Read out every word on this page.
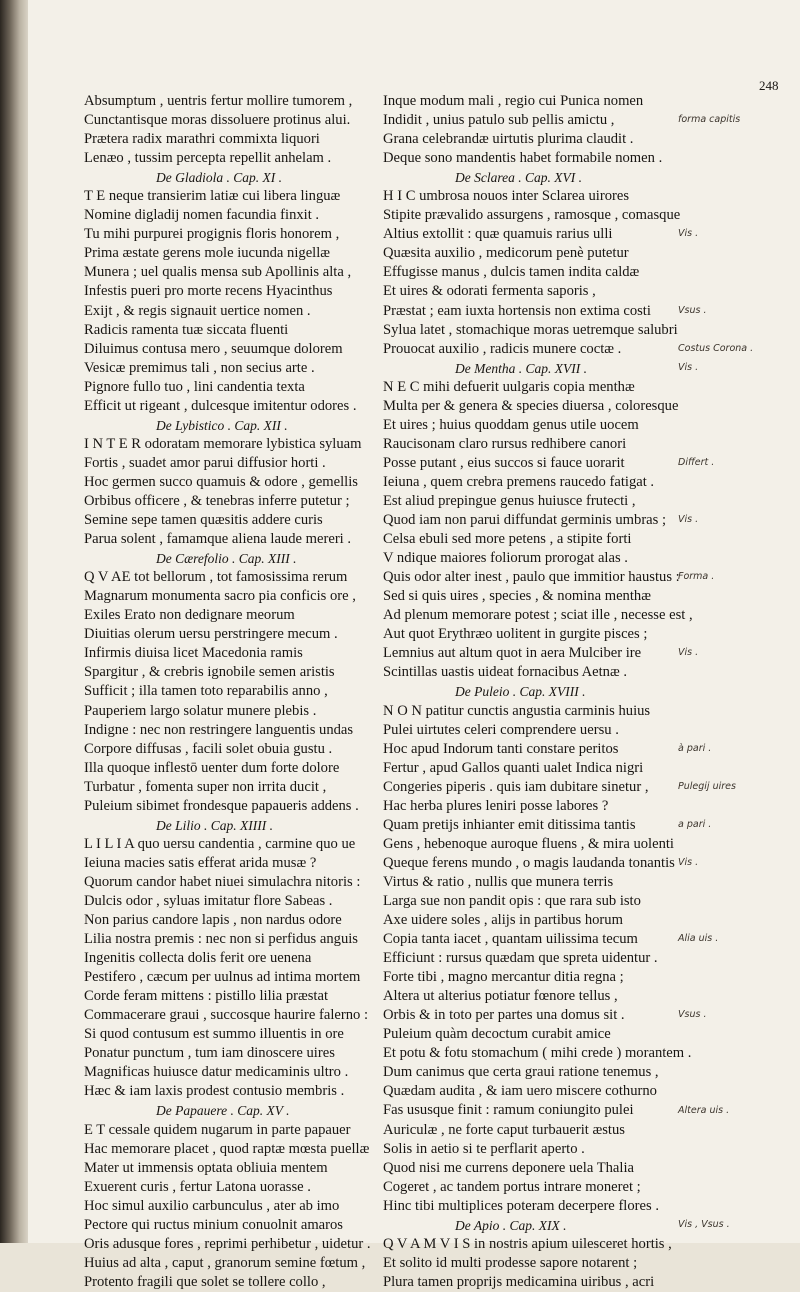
248
Absumptum , uentris fertur mollire tumorem ,
Cunctantisque moras dissoluere protinus alui.
Prætera radix marathri commixta liquori
Lenæo , tussim percepta repellit anhelam .
De Gladiola . Cap. XI .
T E neque transierim latiæ cui libera linguæ
Nomine digladij nomen facundia finxit .
Tu mihi purpurei progignis floris honorem ,
Prima æstate gerens mole iucunda nigellæ
Munera ; uel qualis mensa sub Apollinis alta ,
Infestis pueri pro morte recens Hyacinthus
Exijt , & regis signauit uertice nomen .
Radicis ramenta tuæ siccata fluenti
Diluimus contusa mero , seuumque dolorem
Vesicæ premimus tali , non secius arte .
Pignore fullo tuo , lini candentia texta
Efficit ut rigeant , dulcesque imitentur odores .
De Lybistico . Cap. XII .
I N T E R odoratam memorare lybistica syluam
Fortis , suadet amor parui diffusior horti .
Hoc germen succo quamuis & odore , gemellis
Orbibus officere , & tenebras inferre putetur ;
Semine sepe tamen quæsitis addere curis
Parua solent , famamque aliena laude mereri .
De Cærefolio . Cap. XIII .
Q V AE tot bellorum , tot famosissima rerum
Magnarum monumenta sacro pia conficis ore ,
Exiles Erato non dedignare meorum
Diuitias olerum uersu perstringere mecum .
Infirmis diuisa licet Macedonia ramis
Spargitur , & crebris ignobile semen aristis
Sufficit ; illa tamen toto reparabilis anno ,
Pauperiem largo solatur munere plebis .
Indigne : nec non restringere languentis undas
Corpore diffusas , facili solet obuia gustu .
Illa quoque inflestō uenter dum forte dolore
Turbatur , fomenta super non irrita ducit ,
Puleium sibimet frondesque papaueris addens .
De Lilio . Cap. XIIII .
L I L I A quo uersu candentia , carmine quo ue
Ieiuna macies satis efferat arida musæ ?
Quorum candor habet niuei simulachra nitoris :
Dulcis odor , syluas imitatur flore Sabeas .
Non parius candore lapis , non nardus odore
Lilia nostra premis : nec non si perfidus anguis
Ingenitis collecta dolis ferit ore uenena
Pestifero , cæcum per uulnus ad intima mortem
Corde feram mittens : pistillo lilia præstat
Commacerare graui , succosque haurire falerno :
Si quod contusum est summo illuentis in ore
Ponatur punctum , tum iam dinoscere uires
Magnificas huiusce datur medicaminis ultro .
Hæc & iam laxis prodest contusio membris .
De Papauere . Cap. XV .
E T cessale quidem nugarum in parte papauer
Hac memorare placet , quod raptæ mœsta puellæ
Mater ut immensis optata obliuia mentem
Exuerent curis , fertur Latona uorasse .
Hoc simul auxilio carbunculus , ater ab imo
Pectore qui ructus minium conuolnit amaros
Oris adusque fores , reprimi perhibetur , uidetur .
Huius ad alta , caput , granorum semine fœtum ,
Protento fragili que solet se tollere collo ,
Inque modum mali , regio cui Punica nomen
Indidit , unius patulo sub pellis amictu ,
Grana celebrandæ uirtutis plurima claudit .
Deque sono mandentis habet formabile nomen .
De Sclarea . Cap. XVI .
H I C umbrosa nouos inter Sclarea uirores
Stipite prævalido assurgens , ramosque , comasque
Altius extollit : quæ quamuis rarius ulli
Quæsita auxilio , medicorum penè putetur
Effugisse manus , dulcis tamen indita caldæ
Et uires & odorati fermenta saporis ,
Præstat ; eam iuxta hortensis non extima costi
Sylua latet , stomachique moras uetremque salubri
Prouocat auxilio , radicis munere coctæ .
De Mentha . Cap. XVII .
N E C mihi defuerit uulgaris copia menthæ
Multa per & genera & species diuersa , coloresque
Et uires ; huius quoddam genus utile uocem
Raucisonam claro rursus redhibere canori
Posse putant , eius succos si fauce uorarit
Ieiuna , quem crebra premens raucedo fatigat .
Est aliud prepingue genus huiusce frutecti ,
Quod iam non parui diffundat germinis umbras ;
Celsa ebuli sed more petens , a stipite forti
V ndique maiores foliorum prorogat alas .
Quis odor alter inest , paulo que immitior haustus :
Sed si quis uires , species , & nomina menthæ
Ad plenum memorare potest ; sciat ille , necesse est ,
Aut quot Erythræo uolitent in gurgite pisces ;
Lemnius aut altum quot in aera Mulciber ire
Scintillas uastis uideat fornacibus Aetnæ .
De Puleio . Cap. XVIII .
N O N patitur cunctis angustia carminis huius
Pulei uirtutes celeri comprendere uersu .
Hoc apud Indorum tanti constare peritos
Fertur , apud Gallos quanti ualet Indica nigri
Congeries piperis . quis iam dubitare sinetur ,
Hac herba plures leniri posse labores ?
Quam pretijs inhianter emit ditissima tantis
Gens , hebenoque auroque fluens , & mira uolenti
Queque ferens mundo , o magis laudanda tonantis
Virtus & ratio , nullis que munera terris
Larga sue non pandit opis : que rara sub isto
Axe uidere soles , alijs in partibus horum
Copia tanta iacet , quantam uilissima tecum
Efficiunt : rursus quædam que spreta uidentur .
Forte tibi , magno mercantur ditia regna ;
Altera ut alterius potiatur fœnore tellus ,
Orbis & in toto per partes una domus sit .
Puleium quàm decoctum curabit amice
Et potu & fotu stomachum ( mihi crede ) morantem .
Dum canimus que certa graui ratione tenemus ,
Quædam audita , & iam uero miscere cothurno
Fas ususque finit : ramum coniungito pulei
Auriculæ , ne forte caput turbauerit æstus
Solis in aetio si te perflarit aperto .
Quod nisi me currens deponere uela Thalia
Cogeret , ac tandem portus intrare moneret ;
Hinc tibi multiplices poteram decerpere flores .
De Apio . Cap. XIX .
Q V A M V I S in nostris apium uilesceret hortis ,
Et solito id multi prodesse sapore notarent ;
Plura tamen proprijs medicamina uiribus , acri
forma capitis
Vis .
Vsus .
Costus Corona .
Vis .
Differt .
Vis .
Forma .
Vis .
à pari .
Pulegij uires
a pari .
Vis .
Alia uis .
Vsus .
Altera uis .
Vis , Vsus .
